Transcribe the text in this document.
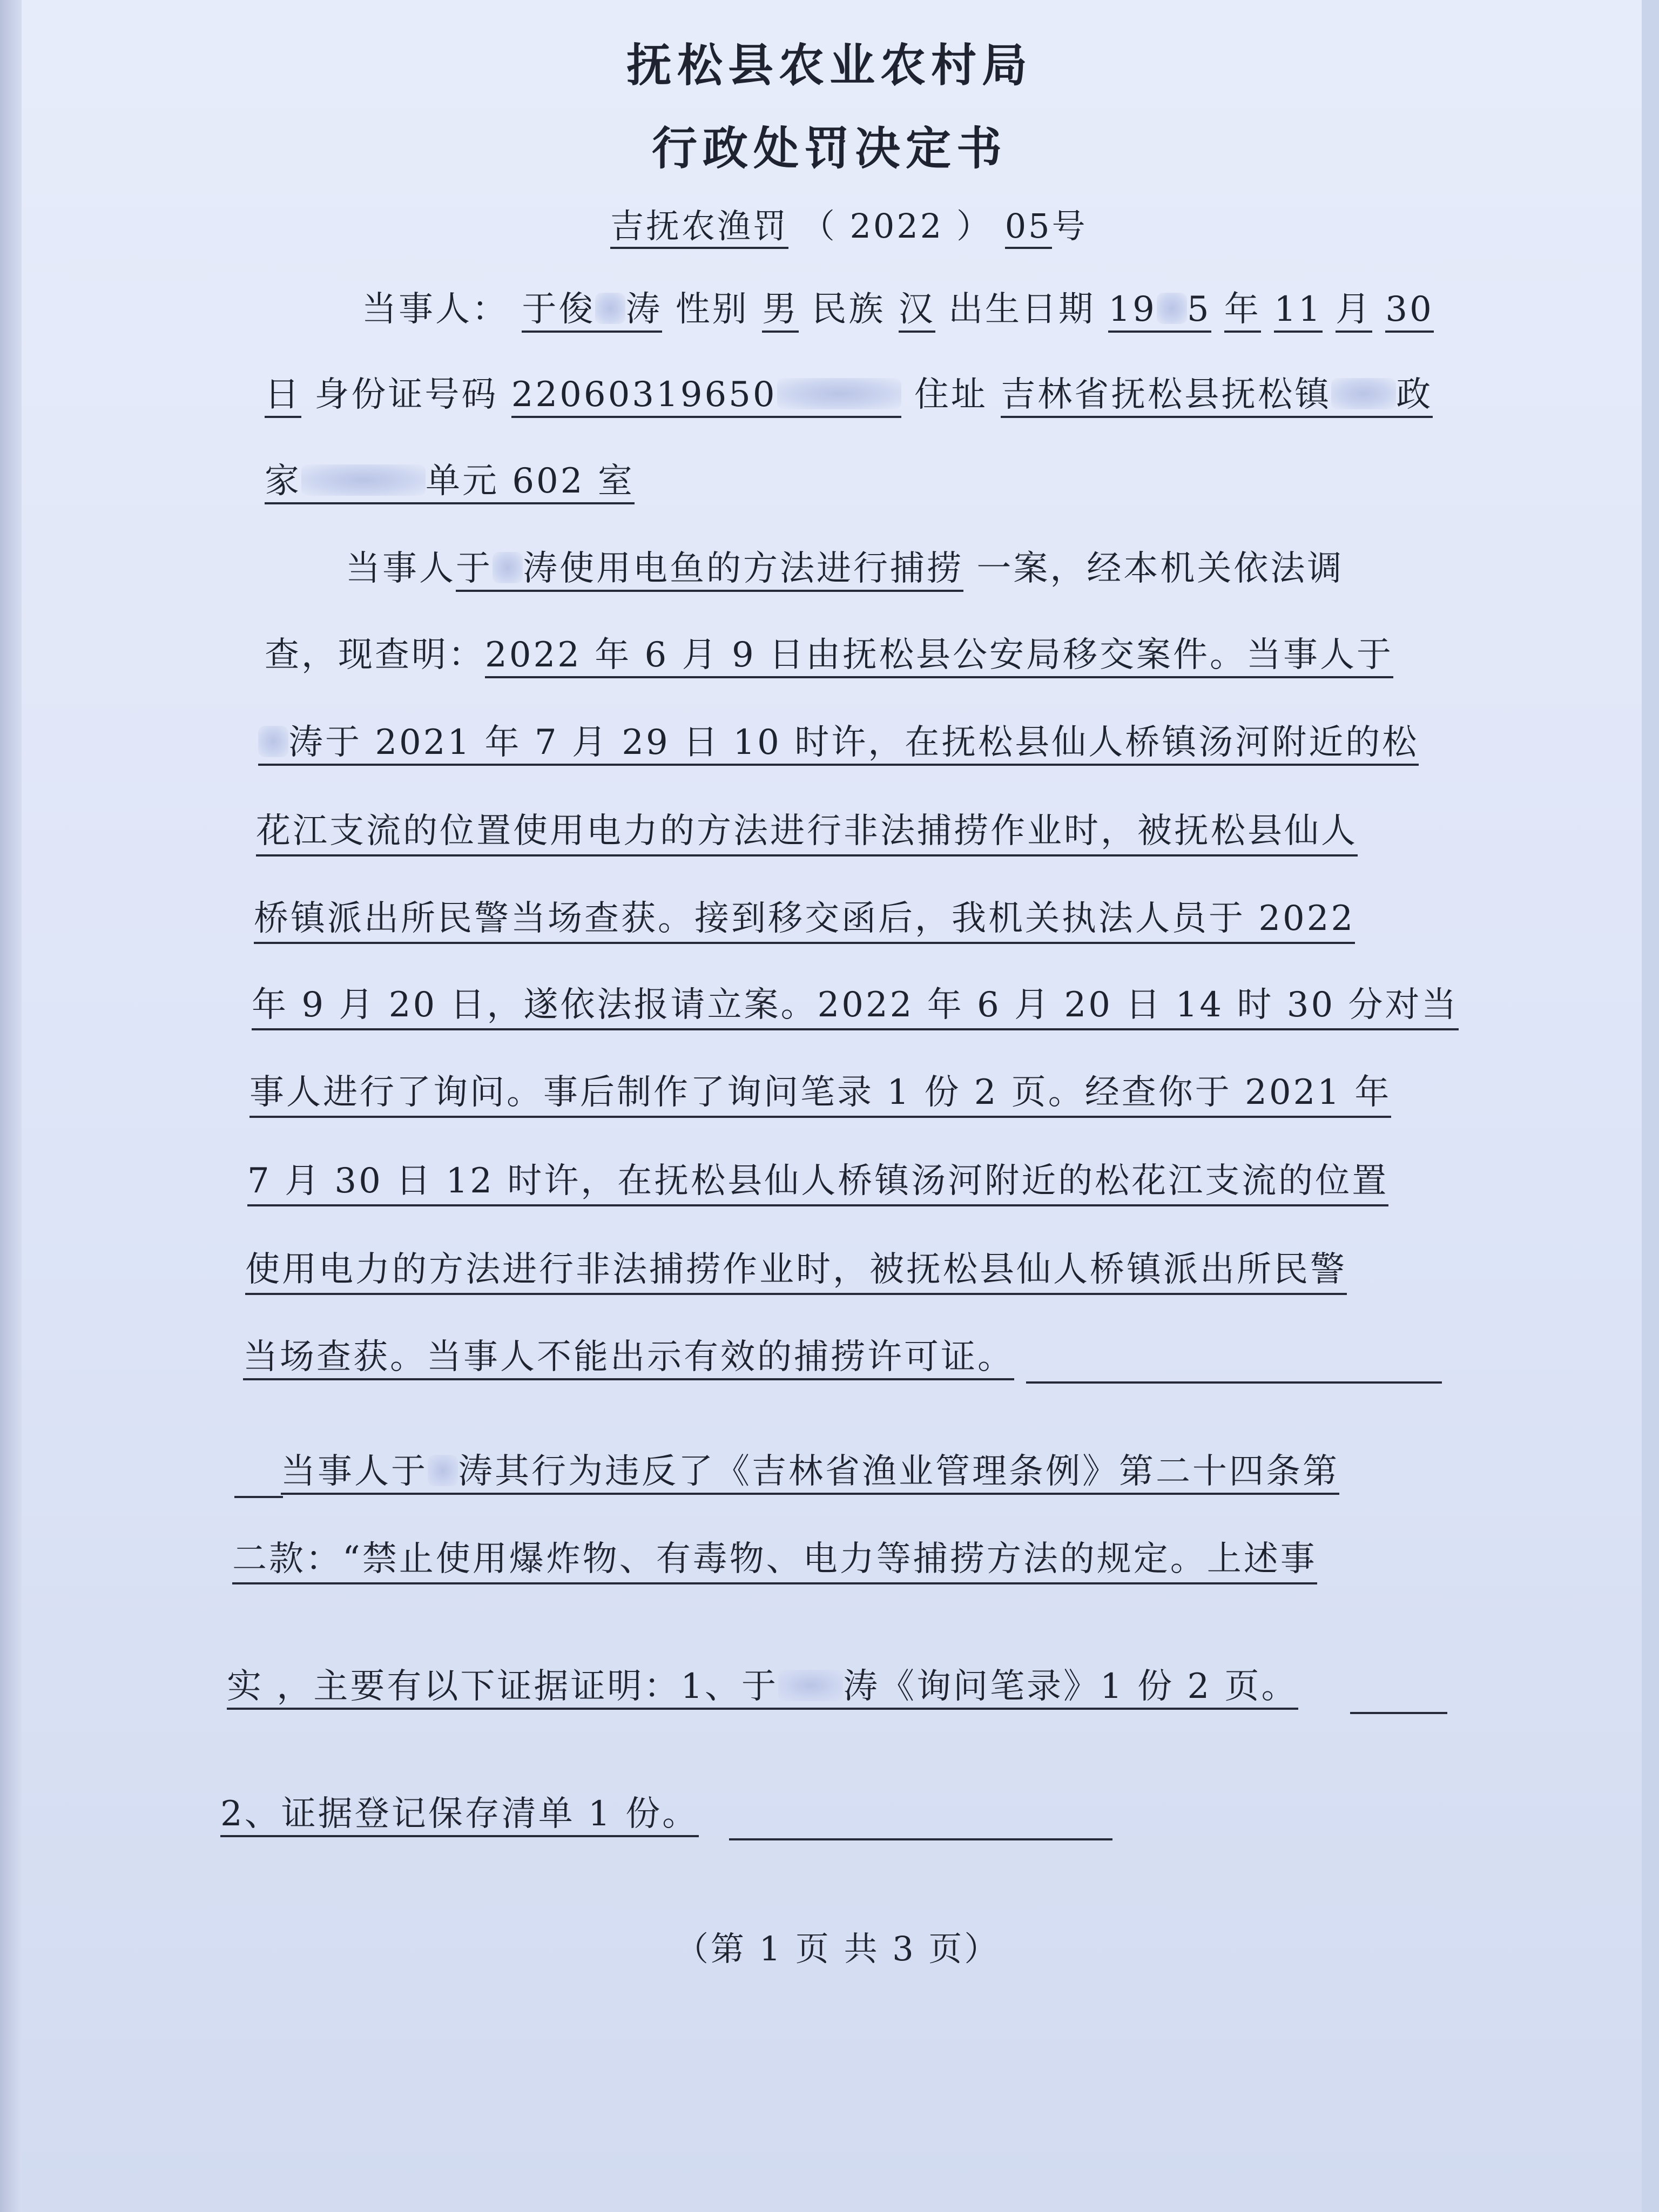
抚松县农业农村局
行政处罚决定书
吉抚农渔罚 （ 2022 ） 05号
当事人： 于俊 涛 性别 男 民族 汉 出生日期 19 5 年 11 月 30
日 身份证号码 22060319650	住址 吉林省抚松县抚松镇 政
家	单元 602 室
当事人于 涛使用电鱼的方法进行捕捞 一案，经本机关依法调
查，现查明：2022 年 6 月 9 日由抚松县公安局移交案件。当事人于
涛于 2021 年 7 月 29 日 10 时许，在抚松县仙人桥镇汤河附近的松
花江支流的位置使用电力的方法进行非法捕捞作业时，被抚松县仙人
桥镇派出所民警当场查获。接到移交函后，我机关执法人员于 2022
年 9 月 20 日，遂依法报请立案。2022 年 6 月 20 日 14 时 30 分对当
事人进行了询问。事后制作了询问笔录 1 份 2 页。经查你于 2021 年
7 月 30 日 12 时许，在抚松县仙人桥镇汤河附近的松花江支流的位置
使用电力的方法进行非法捕捞作业时，被抚松县仙人桥镇派出所民警
当场查获。当事人不能出示有效的捕捞许可证。
当事人于 涛其行为违反了《吉林省渔业管理条例》第二十四条第
二款：“禁止使用爆炸物、有毒物、电力等捕捞方法的规定。上述事
实 ，主要有以下证据证明：1、于 涛《询问笔录》1 份 2 页。
2、证据登记保存清单 1 份。
（第 1 页 共 3 页）
